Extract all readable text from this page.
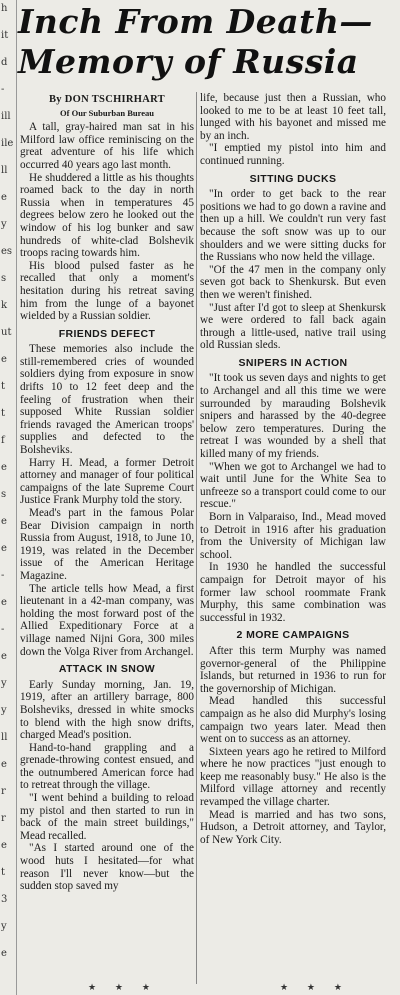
h
it
d
-
ill
ile
ll
e
y
es
s
k
ut
e
t
t
f
e
s
e
e
-
e
-
e
y
y
ll
e
r
r
e
t
3
y
e
Inch From Death—
Memory of Russia
By DON TSCHIRHART
Of Our Suburban Bureau

A tall, gray-haired man sat in his Milford law office reminiscing on the great adventure of his life which occurred 40 years ago last month.

He shuddered a little as his thoughts roamed back to the day in north Russia when in temperatures 45 degrees below zero he looked out the window of his log bunker and saw hundreds of white-clad Bolshevik troops racing towards him.

His blood pulsed faster as he recalled that only a moment's hesitation during his retreat saving him from the lunge of a bayonet wielded by a Russian soldier.

FRIENDS DEFECT

These memories also include the still-remembered cries of wounded soldiers dying from exposure in snow drifts 10 to 12 feet deep and the feeling of frustration when their supposed White Russian soldier friends ravaged the American troops' supplies and defected to the Bolsheviks.

Harry H. Mead, a former Detroit attorney and manager of four political campaigns of the late Supreme Court Justice Frank Murphy told the story.

Mead's part in the famous Polar Bear Division campaign in north Russia from August, 1918, to June 10, 1919, was related in the December issue of the American Heritage Magazine.

The article tells how Mead, a first lieutenant in a 42-man company, was holding the most forward post of the Allied Expeditionary Force at a village named Nijni Gora, 300 miles down the Volga River from Archangel.

ATTACK IN SNOW

Early Sunday morning, Jan. 19, 1919, after an artillery barrage, 800 Bolsheviks, dressed in white smocks to blend with the high snow drifts, charged Mead's position.

Hand-to-hand grappling and a grenade-throwing contest ensued, and the outnumbered American force had to retreat through the village.

"I went behind a building to reload my pistol and then started to run in back of the main street buildings," Mead recalled.

"As I started around one of the wood huts I hesitated—for what reason I'll never know—but the sudden stop saved my

life, because just then a Russian, who looked to me to be at least 10 feet tall, lunged with his bayonet and missed me by an inch.

"I emptied my pistol into him and continued running.

SITTING DUCKS

"In order to get back to the rear positions we had to go down a ravine and then up a hill. We couldn't run very fast because the soft snow was up to our shoulders and we were sitting ducks for the Russians who now held the village.

"Of the 47 men in the company only seven got back to Shenkursk. But even then we weren't finished.

"Just after I'd got to sleep at Shenkursk we were ordered to fall back again through a little-used, native trail using old Russian sleds.

SNIPERS IN ACTION

"It took us seven days and nights to get to Archangel and all this time we were surrounded by marauding Bolshevik snipers and harassed by the 40-degree below zero temperatures. During the retreat I was wounded by a shell that killed many of my friends.

"When we got to Archangel we had to wait until June for the White Sea to unfreeze so a transport could come to our rescue."

Born in Valparaiso, Ind., Mead moved to Detroit in 1916 after his graduation from the University of Michigan law school.

In 1930 he handled the successful campaign for Detroit mayor of his former law school roommate Frank Murphy, this same combination was successful in 1932.

2 MORE CAMPAIGNS

After this term Murphy was named governor-general of the Philippine Islands, but returned in 1936 to run for the governorship of Michigan.

Mead handled this successful campaign as he also did Murphy's losing campaign two years later. Mead then went on to success as an attorney.

Sixteen years ago he retired to Milford where he now practices "just enough to keep me reasonably busy." He also is the Milford village attorney and recently revamped the village charter.

Mead is married and has two sons, Hudson, a Detroit attorney, and Taylor, of New York City.

★ ★ ★	★ ★ ★
